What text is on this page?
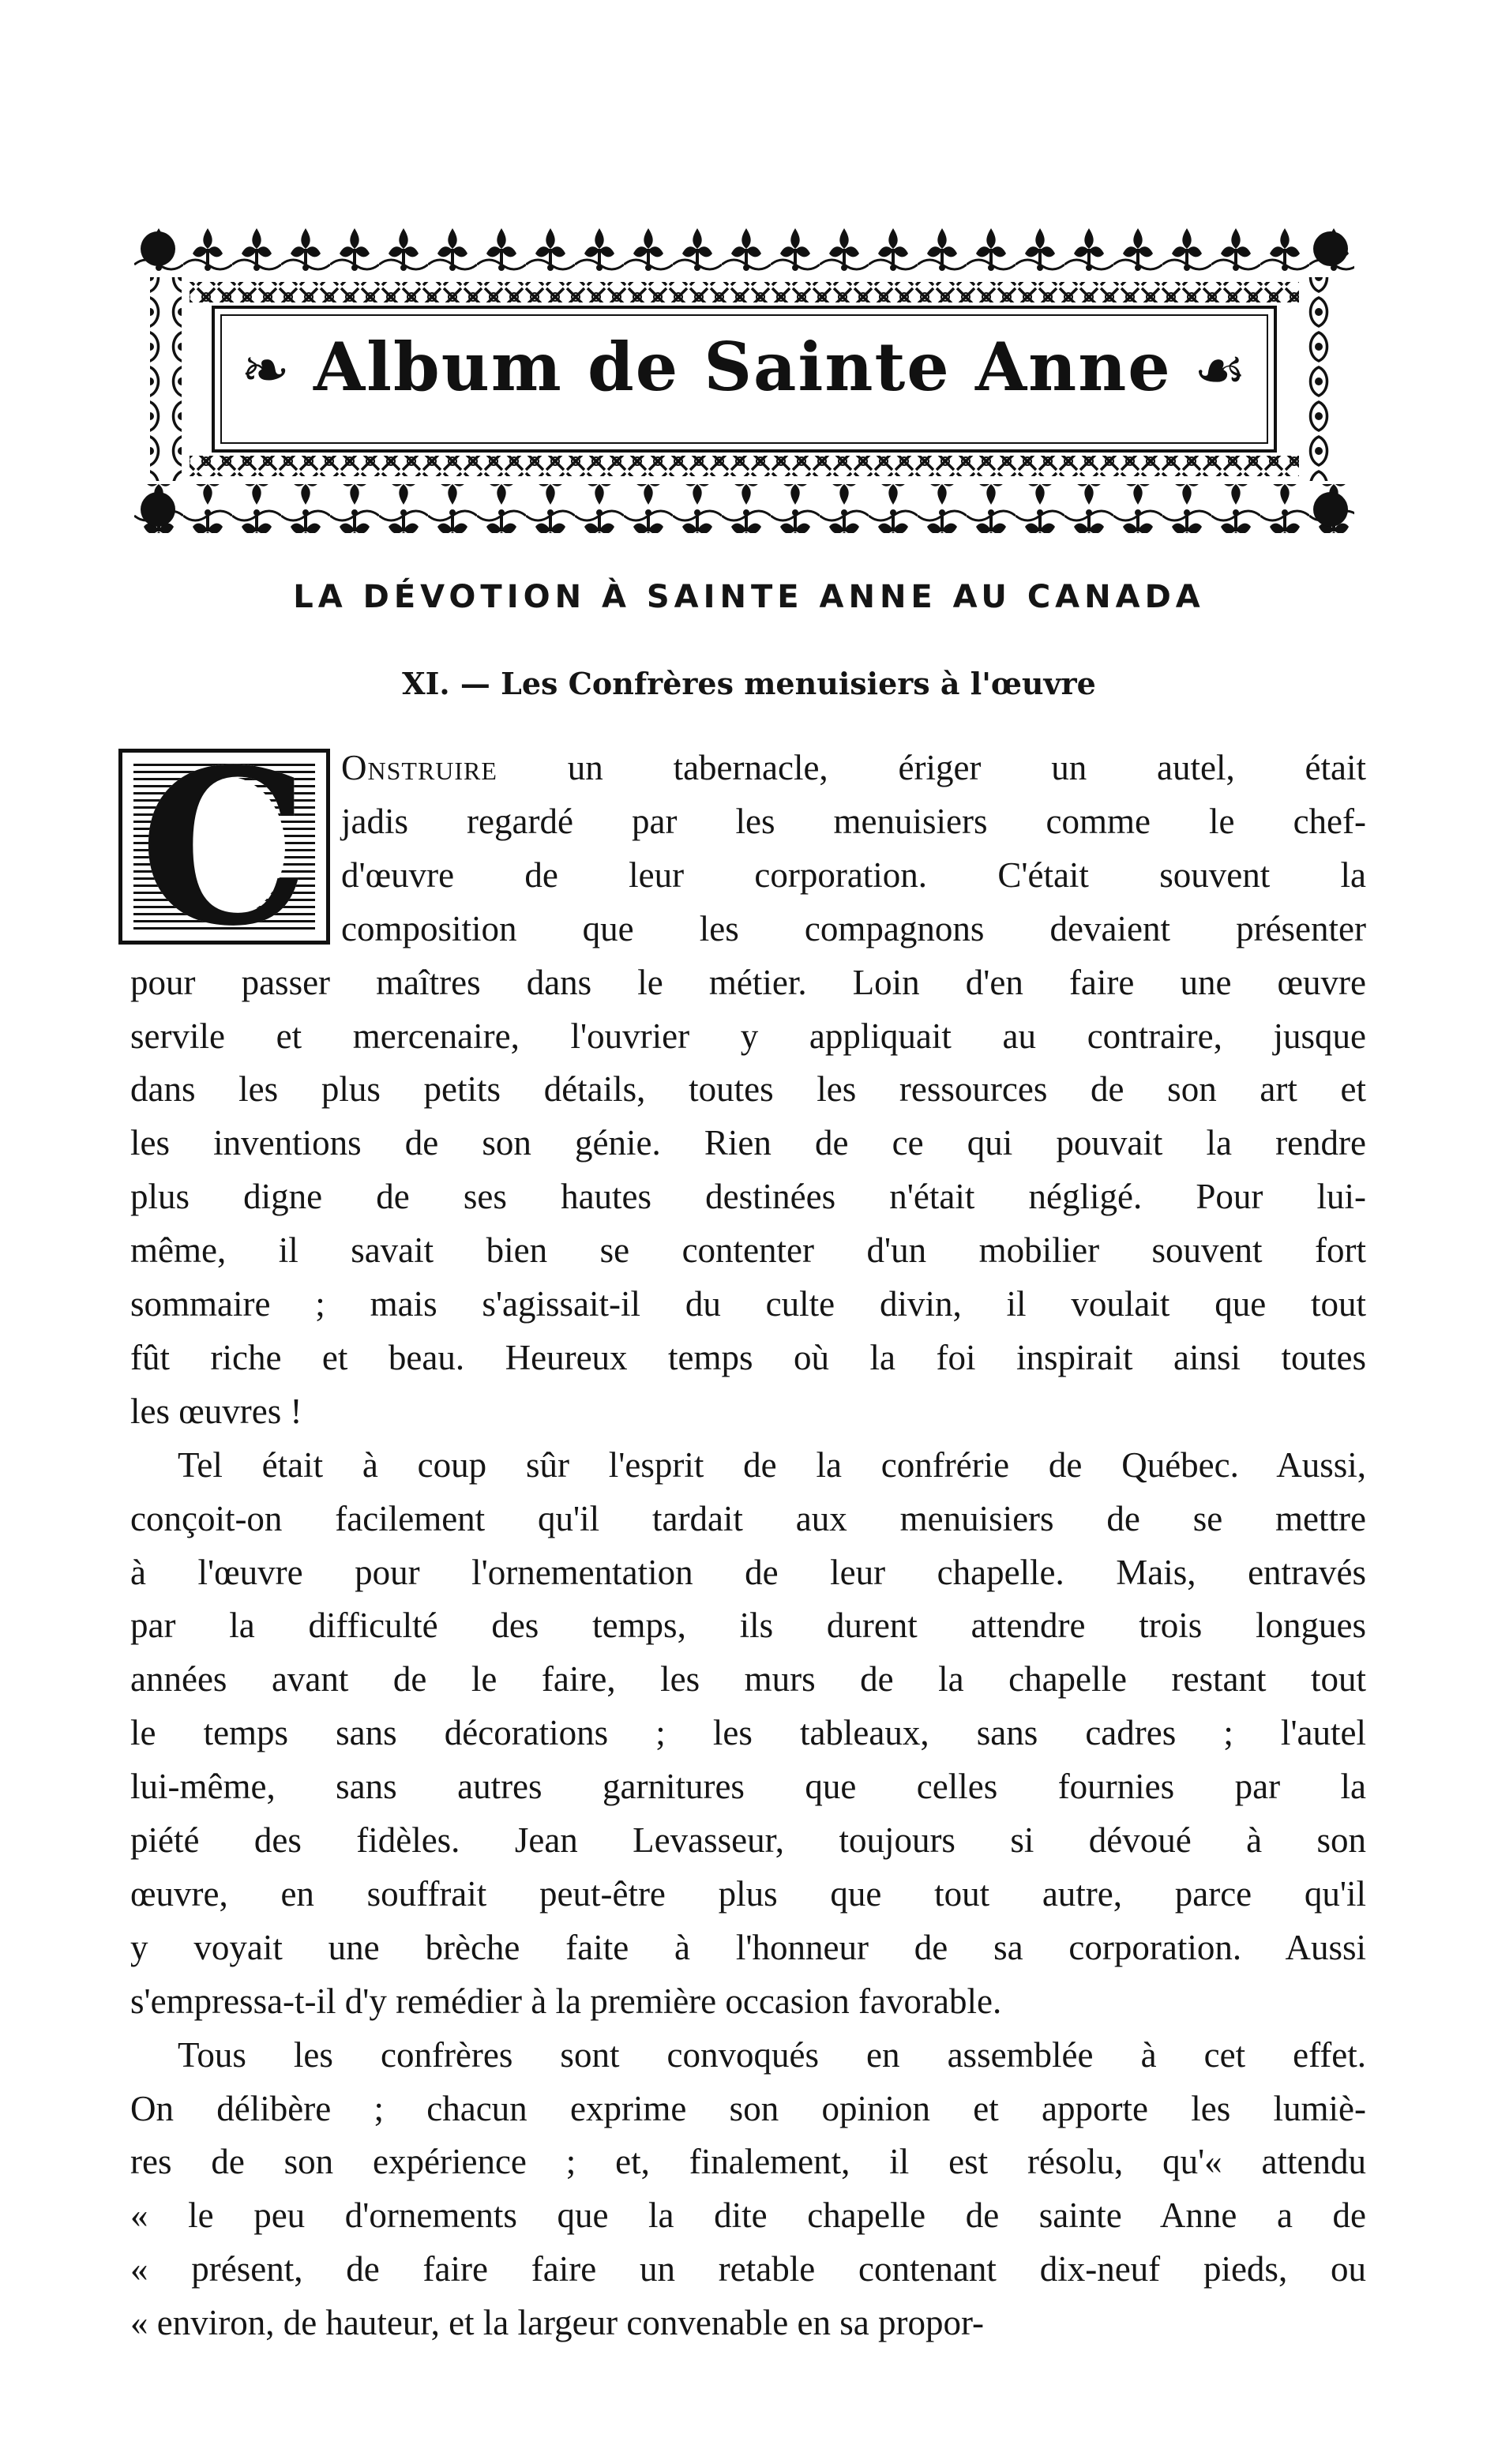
❧ Album de Sainte Anne ☙
LA DÉVOTION À SAINTE ANNE AU CANADA
XI. — Les Confrères menuisiers à l'œuvre
C Onstruire un tabernacle, ériger un autel, était
jadis regardé par les menuisiers comme le chef-
d'œuvre de leur corporation. C'était souvent la
composition que les compagnons devaient présenter
pour passer maîtres dans le métier. Loin d'en faire une œuvre
servile et mercenaire, l'ouvrier y appliquait au contraire, jusque
dans les plus petits détails, toutes les ressources de son art et
les inventions de son génie. Rien de ce qui pouvait la rendre
plus digne de ses hautes destinées n'était négligé. Pour lui-
même, il savait bien se contenter d'un mobilier souvent fort
sommaire ; mais s'agissait-il du culte divin, il voulait que tout
fût riche et beau. Heureux temps où la foi inspirait ainsi toutes
les œuvres !
Tel était à coup sûr l'esprit de la confrérie de Québec. Aussi,
conçoit-on facilement qu'il tardait aux menuisiers de se mettre
à l'œuvre pour l'ornementation de leur chapelle. Mais, entravés
par la difficulté des temps, ils durent attendre trois longues
années avant de le faire, les murs de la chapelle restant tout
le temps sans décorations ; les tableaux, sans cadres ; l'autel
lui-même, sans autres garnitures que celles fournies par la
piété des fidèles. Jean Levasseur, toujours si dévoué à son
œuvre, en souffrait peut-être plus que tout autre, parce qu'il
y voyait une brèche faite à l'honneur de sa corporation. Aussi
s'empressa-t-il d'y remédier à la première occasion favorable.
Tous les confrères sont convoqués en assemblée à cet effet.
On délibère ; chacun exprime son opinion et apporte les lumiè-
res de son expérience ; et, finalement, il est résolu, qu'« attendu
« le peu d'ornements que la dite chapelle de sainte Anne a de
« présent, de faire faire un retable contenant dix-neuf pieds, ou
« environ, de hauteur, et la largeur convenable en sa propor-
